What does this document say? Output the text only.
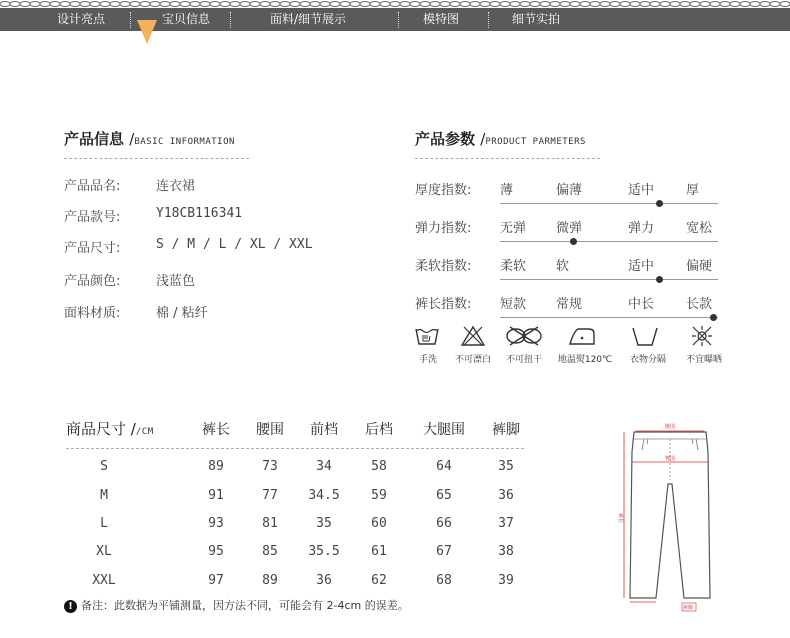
设计亮点	宝贝信息	面料/细节展示	模特图	细节实拍
产品信息 /BASIC INFORMATION
产品品名:	连衣裙
产品款号:	Y18CB116341
产品尺寸:	S / M / L / XL / XXL
产品颜色:	浅蓝色
面料材质:	棉 / 粘纤
产品参数 /PRODUCT PARMETERS
厚度指数: 薄	偏薄	适中 厚
弹力指数: 无弹 微弹	弹力 宽松
柔软指数: 柔软 软	适中 偏硬
裤长指数: 短款 常规	中长 长款
手洗	不可漂白	不可扭干	地温熨120℃	衣物分隔	不宜曝晒
商品尺寸 //CM	裤长	腰围	前档	后档	大腿围	裤脚
S	89	73	34	58	64	35
M	91	77	34.5	59	65	36
L	93	81	35	60	66	37
XL	95	85	35.5	61	67	38
XXL	97	89	36	62	68	39
! 备注：此数据为平铺测量，因方法不同，可能会有 2-4cm 的误差。
腰围
臀围
裤长
裤脚
